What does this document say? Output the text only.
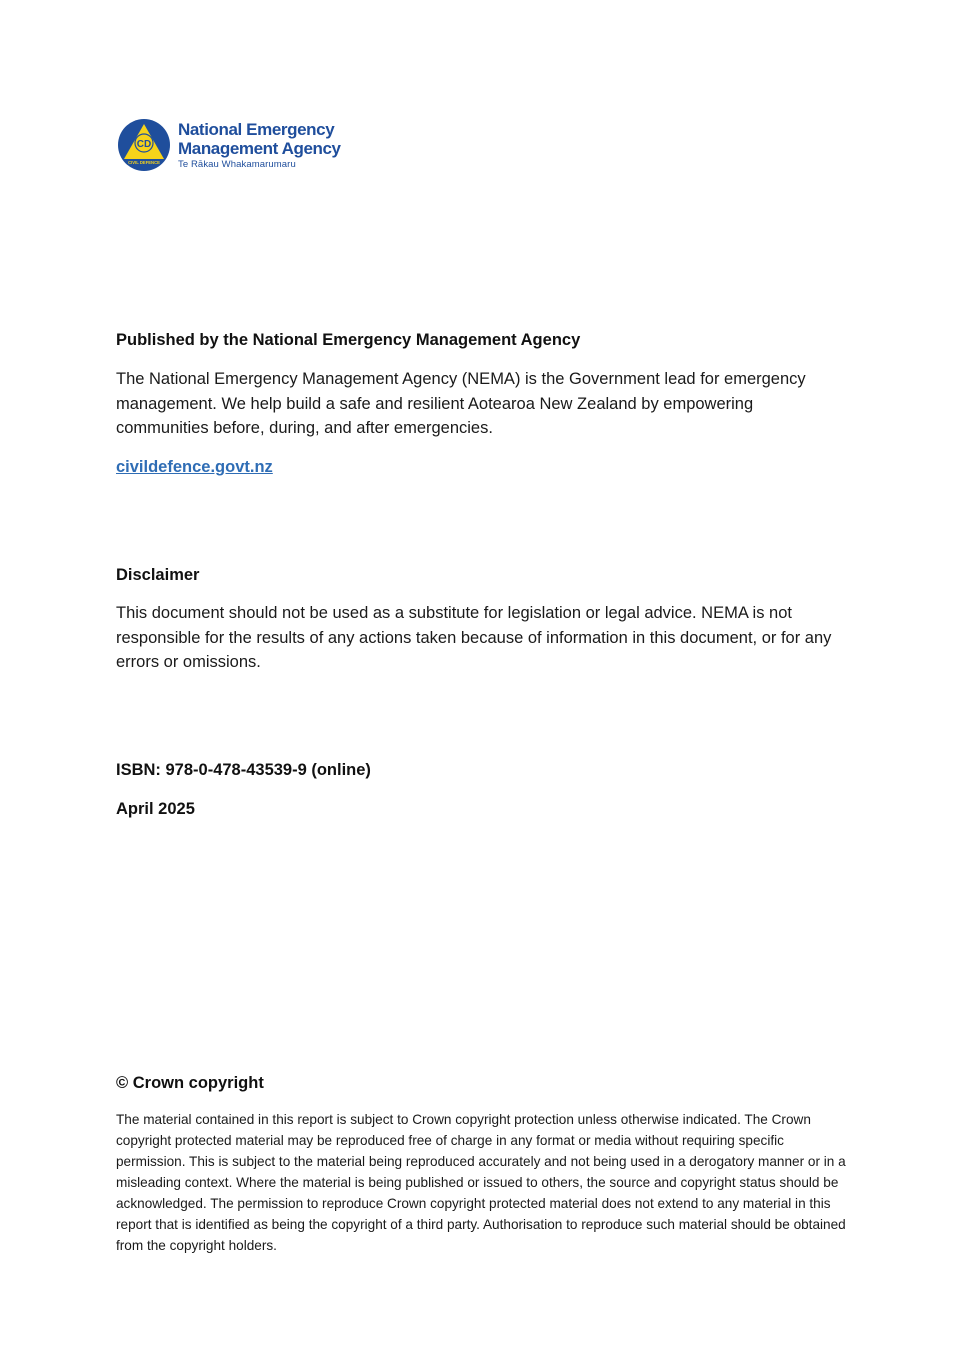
CD
CIVIL DEFENCE
National Emergency
Management Agency
Te Rākau Whakamarumaru
Published by the National Emergency Management Agency

The National Emergency Management Agency (NEMA) is the Government lead for emergency management. We help build a safe and resilient Aotearoa New Zealand by empowering communities before, during, and after emergencies.

civildefence.govt.nz
Disclaimer

This document should not be used as a substitute for legislation or legal advice. NEMA is not responsible for the results of any actions taken because of information in this document, or for any errors or omissions.

ISBN: 978-0-478-43539-9 (online)
April 2025
© Crown copyright

The material contained in this report is subject to Crown copyright protection unless otherwise indicated. The Crown copyright protected material may be reproduced free of charge in any format or media without requiring specific permission. This is subject to the material being reproduced accurately and not being used in a derogatory manner or in a misleading context. Where the material is being published or issued to others, the source and copyright status should be acknowledged. The permission to reproduce Crown copyright protected material does not extend to any material in this report that is identified as being the copyright of a third party. Authorisation to reproduce such material should be obtained from the copyright holders.
